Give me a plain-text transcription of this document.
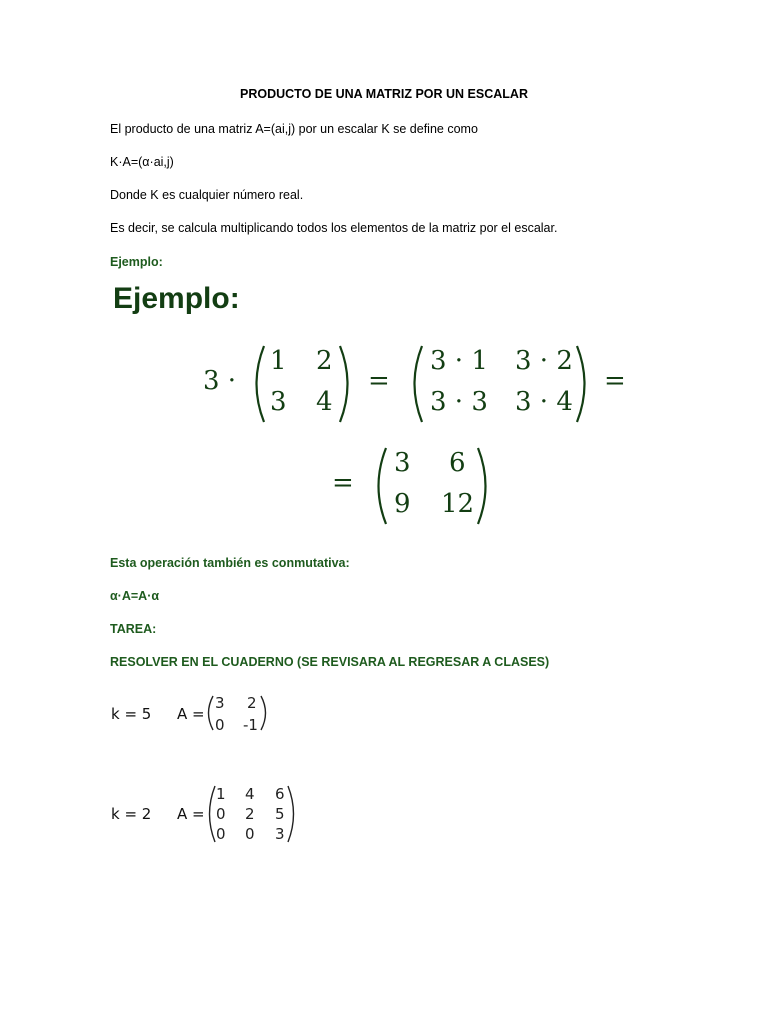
PRODUCTO DE UNA MATRIZ POR UN ESCALAR
El producto de una matriz A=(ai,j) por un escalar K se define como
K·A=(α·ai,j)
Donde K es cualquier número real.
Es decir, se calcula multiplicando todos los elementos de la matriz por el escalar.
Ejemplo:
Ejemplo:
3 ·
1 2
3 4
=
3 · 1 3 · 2
3 · 3 3 · 4
=
=
3 6
9 12
Esta operación también es conmutativa:
α·A=A·α
TAREA:
RESOLVER EN EL CUADERNO (SE REVISARA AL REGRESAR A CLASES)
k = 5 A =
3 2
0 -1
k = 2 A =
1 4 6
0 2 5
0 0 3
